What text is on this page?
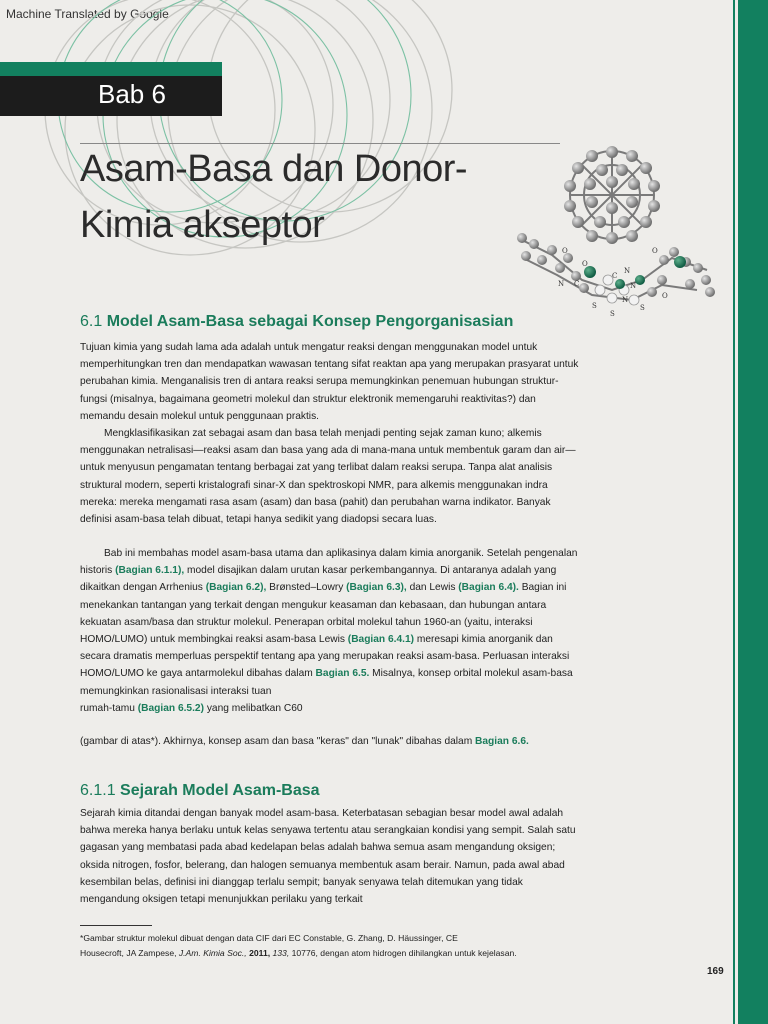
Machine Translated by Google
Bab 6
Asam-Basa dan Donor-
Kimia akseptor
O	O
N
N C
O
C
N
S
S
S
N	O
6.1 Model Asam-Basa sebagai Konsep Pengorganisasian

Tujuan kimia yang sudah lama ada adalah untuk mengatur reaksi dengan menggunakan model untuk memperhitungkan tren dan mendapatkan wawasan tentang sifat reaktan apa yang merupakan prasyarat untuk perubahan kimia. Menganalisis tren di antara reaksi serupa memungkinkan penemuan hubungan struktur-fungsi (misalnya, bagaimana geometri molekul dan struktur elektronik memengaruhi reaktivitas?) dan memandu desain molekul untuk penggunaan praktis.

Mengklasifikasikan zat sebagai asam dan basa telah menjadi penting sejak zaman kuno; alkemis menggunakan netralisasi—reaksi asam dan basa yang ada di mana-mana untuk membentuk garam dan air—untuk menyusun pengamatan tentang berbagai zat yang terlibat dalam reaksi serupa. Tanpa alat analisis struktural modern, seperti kristalografi sinar-X dan spektroskopi NMR, para alkemis menggunakan indra mereka: mereka mengamati rasa asam (asam) dan basa (pahit) dan perubahan warna indikator. Banyak definisi asam-basa telah dibuat, tetapi hanya sedikit yang diadopsi secara luas.

Bab ini membahas model asam-basa utama dan aplikasinya dalam kimia anorganik. Setelah pengenalan historis (Bagian 6.1.1), model disajikan dalam urutan kasar perkembangannya. Di antaranya adalah yang dikaitkan dengan Arrhenius (Bagian 6.2), Brønsted–Lowry (Bagian 6.3), dan Lewis (Bagian 6.4). Bagian ini menekankan tantangan yang terkait dengan mengukur keasaman dan kebasaan, dan hubungan antara kekuatan asam/basa dan struktur molekul. Penerapan orbital molekul tahun 1960-an (yaitu, interaksi HOMO/LUMO) untuk membingkai reaksi asam-basa Lewis (Bagian 6.4.1) meresapi kimia anorganik dan secara dramatis memperluas perspektif tentang apa yang merupakan reaksi asam-basa. Perluasan interaksi HOMO/LUMO ke gaya antarmolekul dibahas dalam Bagian 6.5. Misalnya, konsep orbital molekul asam-basa memungkinkan rasionalisasi interaksi tuan

rumah-tamu (Bagian 6.5.2) yang melibatkan C60

(gambar di atas*). Akhirnya, konsep asam dan basa "keras" dan "lunak" dibahas dalam Bagian 6.6.

6.1.1 Sejarah Model Asam-Basa

Sejarah kimia ditandai dengan banyak model asam-basa. Keterbatasan sebagian besar model awal adalah bahwa mereka hanya berlaku untuk kelas senyawa tertentu atau serangkaian kondisi yang sempit. Salah satu gagasan yang membatasi pada abad kedelapan belas adalah bahwa semua asam mengandung oksigen; oksida nitrogen, fosfor, belerang, dan halogen semuanya membentuk asam berair. Namun, pada awal abad kesembilan belas, definisi ini dianggap terlalu sempit; banyak senyawa telah ditemukan yang tidak mengandung oksigen tetapi menunjukkan perilaku yang terkait

*Gambar struktur molekul dibuat dengan data CIF dari EC Constable, G. Zhang, D. Häussinger, CE
Housecroft, JA Zampese, J.Am. Kimia Soc., 2011, 133, 10776, dengan atom hidrogen dihilangkan untuk kejelasan.

169
